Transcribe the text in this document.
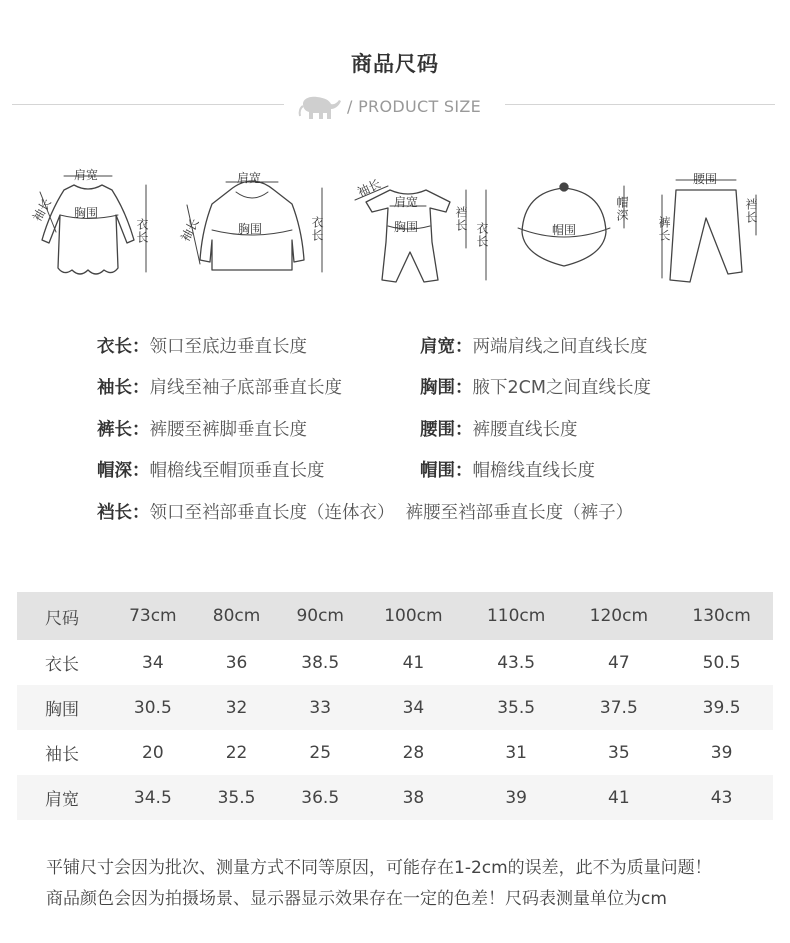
商品尺码
/ PRODUCT SIZE
肩宽
袖长 胸围
衣长
肩宽
袖长	胸围	衣长
袖长
肩宽
胸围	裆长
衣长	帽围
帽深
腰围
裤长
裆长
衣长：领口至底边垂直长度	肩宽：两端肩线之间直线长度
袖长：肩线至袖子底部垂直长度	胸围：腋下2CM之间直线长度
裤长：裤腰至裤脚垂直长度	腰围：裤腰直线长度
帽深：帽檐线至帽顶垂直长度	帽围：帽檐线直线长度
裆长：领口至裆部垂直长度（连体衣）  裤腰至裆部垂直长度（裤子）
尺码	73cm	80cm	90cm	100cm	110cm	120cm	130cm
衣长	34	36	38.5	41	43.5	47	50.5
胸围	30.5	32	33	34	35.5	37.5	39.5
袖长	20	22	25	28	31	35	39
肩宽	34.5	35.5	36.5	38	39	41	43
平铺尺寸会因为批次、测量方式不同等原因，可能存在1-2cm的误差，此不为质量问题！
商品颜色会因为拍摄场景、显示器显示效果存在一定的色差！尺码表测量单位为cm
